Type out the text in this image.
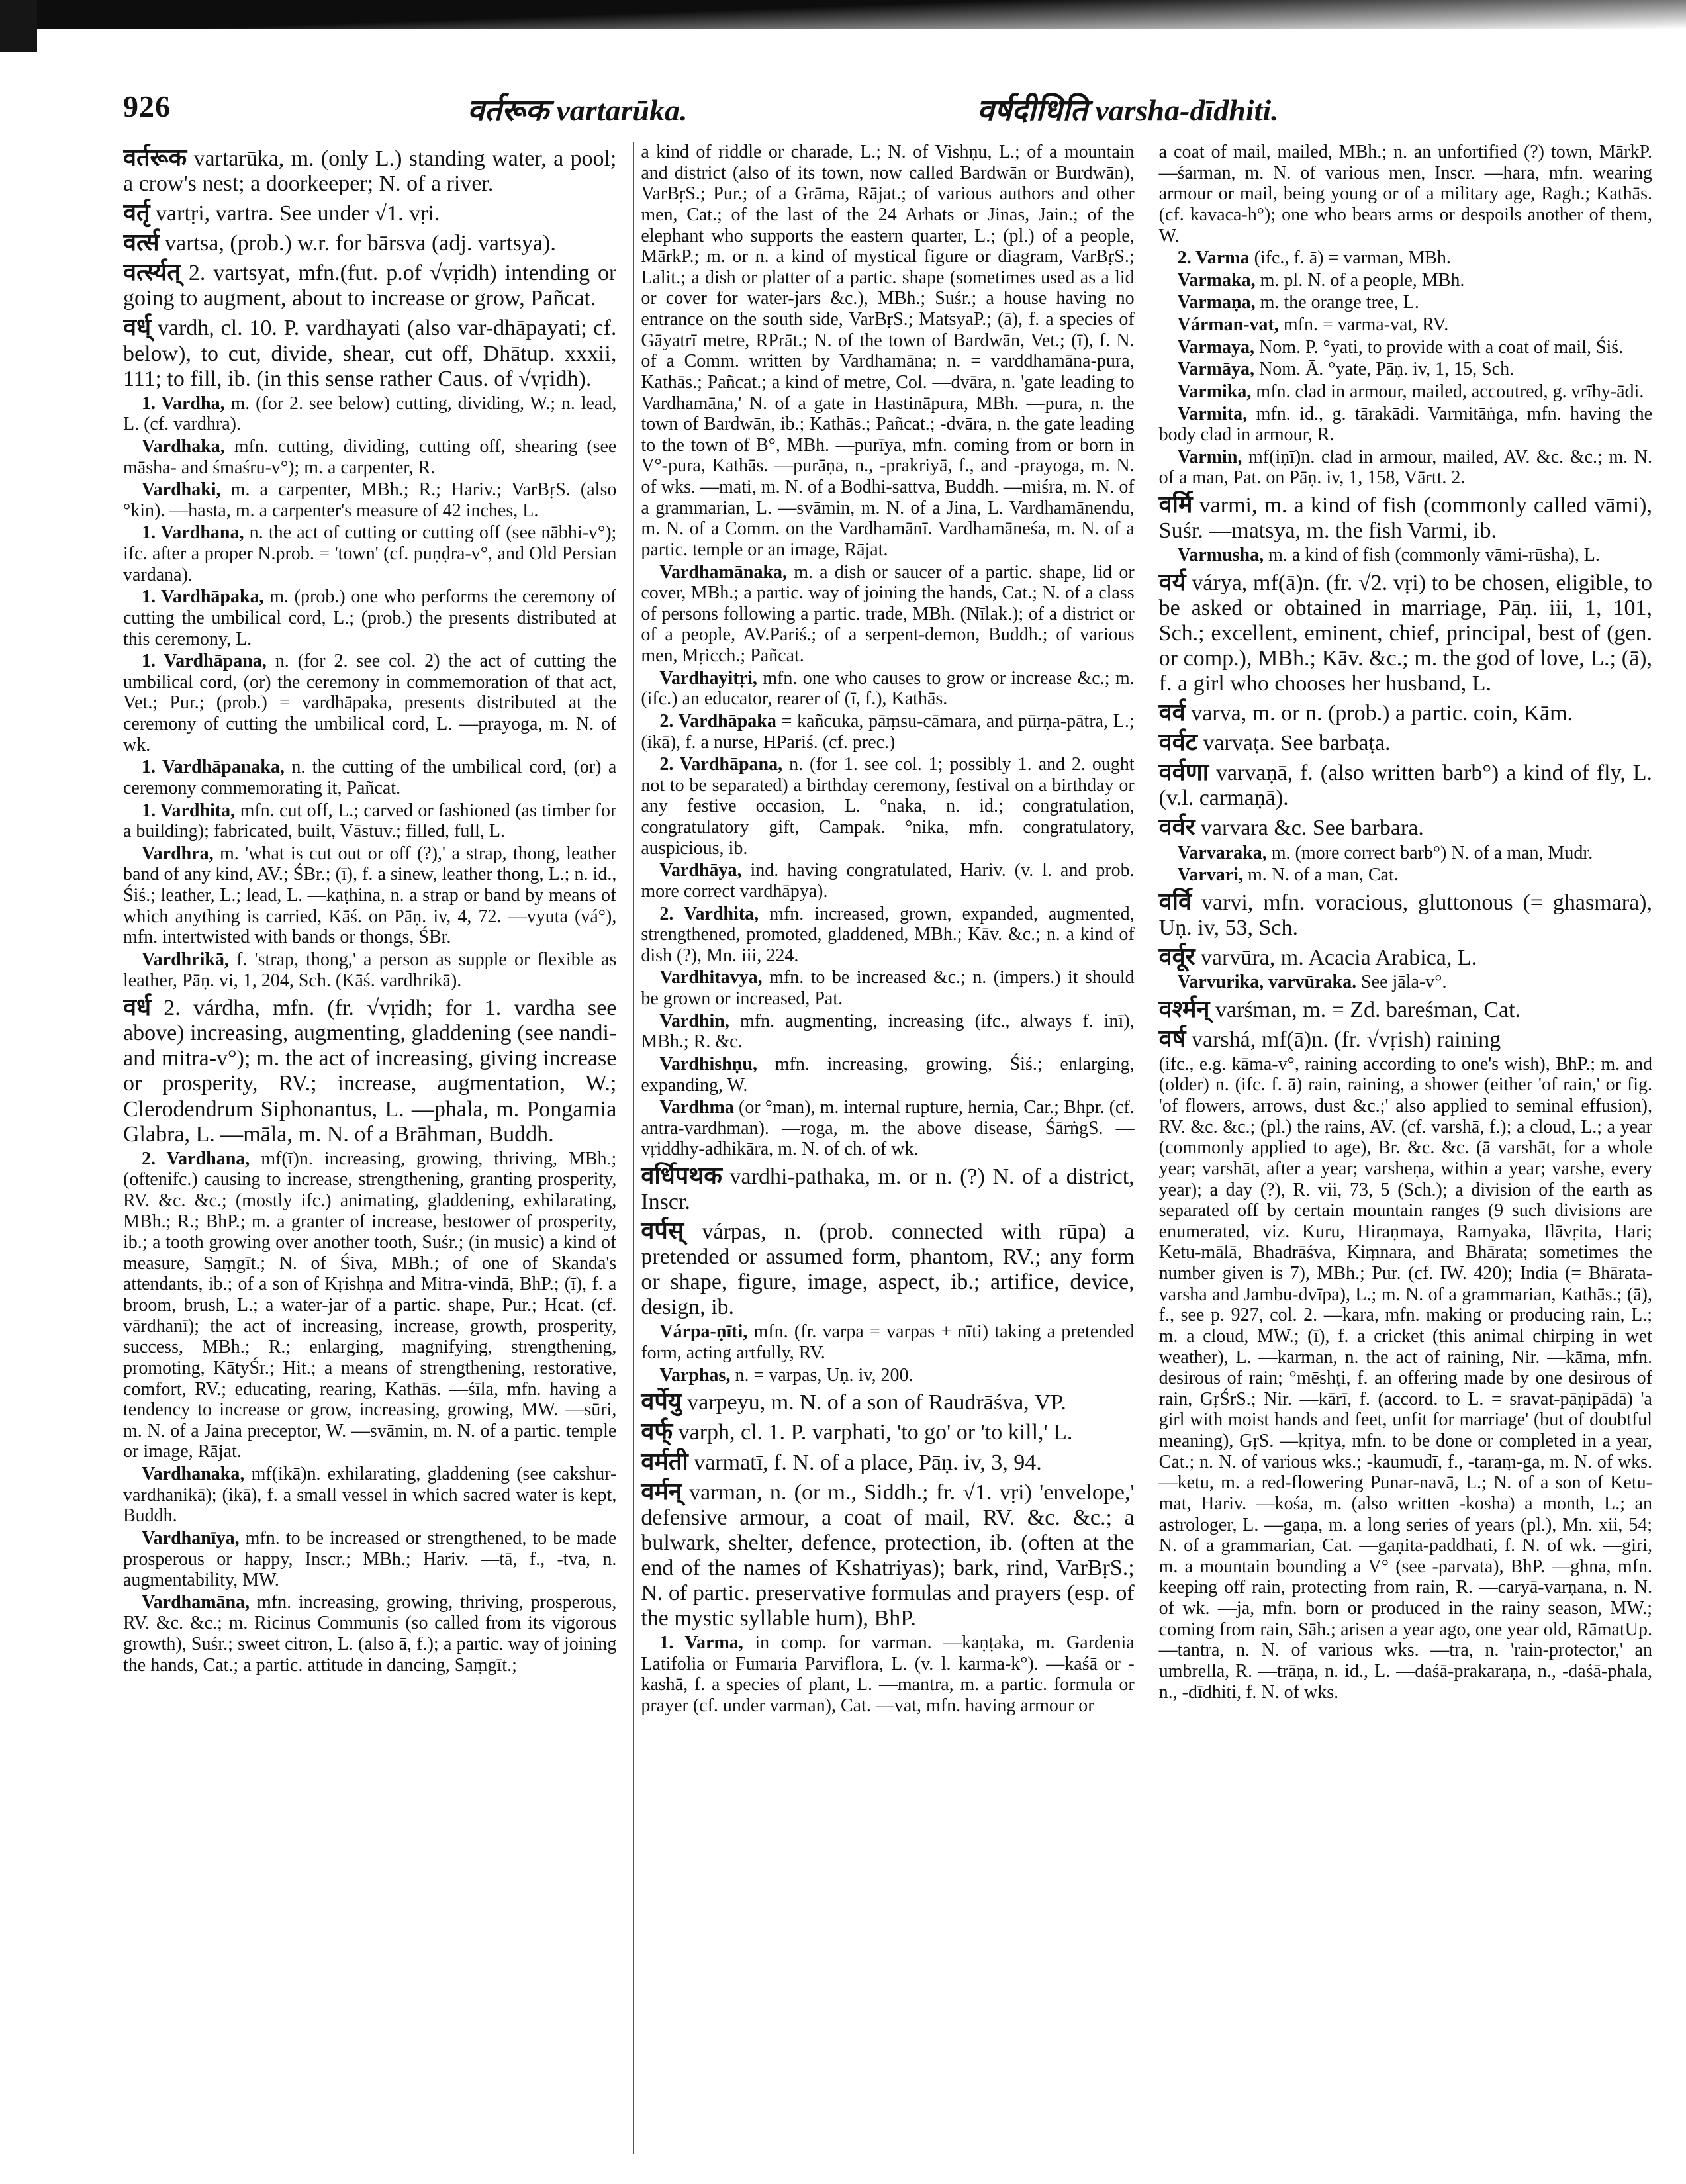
926	वर्तरूक vartarūka.	वर्षदीधिति varsha-dīdhiti.

वर्तरूक vartarūka, m. (only L.) standing water, a pool; a crow's nest; a doorkeeper; N. of a river.

वर्तृ vartṛi, vartra. See under √1. vṛi.

वर्त्स vartsa, (prob.) w.r. for bārsva (adj. vartsya).

वर्त्स्यत् 2. vartsyat, mfn.(fut. p.of √vṛidh) intending or going to augment, about to increase or grow, Pañcat.

वर्ध् vardh, cl. 10. P. vardhayati (also var-dhāpayati; cf. below), to cut, divide, shear, cut off, Dhātup. xxxii, 111; to fill, ib. (in this sense rather Caus. of √vṛidh).

1. Vardha, m. (for 2. see below) cutting, dividing, W.; n. lead, L. (cf. vardhra).

Vardhaka, mfn. cutting, dividing, cutting off, shearing (see māsha- and śmaśru-v°); m. a carpenter, R.

Vardhaki, m. a carpenter, MBh.; R.; Hariv.; VarBṛS. (also °kin). —hasta, m. a carpenter's measure of 42 inches, L.

1. Vardhana, n. the act of cutting or cutting off (see nābhi-v°); ifc. after a proper N.prob. = 'town' (cf. puṇḍra-v°, and Old Persian vardana).

1. Vardhāpaka, m. (prob.) one who performs the ceremony of cutting the umbilical cord, L.; (prob.) the presents distributed at this ceremony, L.

1. Vardhāpana, n. (for 2. see col. 2) the act of cutting the umbilical cord, (or) the ceremony in commemoration of that act, Vet.; Pur.; (prob.) = vardhāpaka, presents distributed at the ceremony of cutting the umbilical cord, L. —prayoga, m. N. of wk.

1. Vardhāpanaka, n. the cutting of the umbilical cord, (or) a ceremony commemorating it, Pañcat.

1. Vardhita, mfn. cut off, L.; carved or fashioned (as timber for a building); fabricated, built, Vāstuv.; filled, full, L.

Vardhra, m. 'what is cut out or off (?),' a strap, thong, leather band of any kind, AV.; ŚBr.; (ī), f. a sinew, leather thong, L.; n. id., Śiś.; leather, L.; lead, L. —kaṭhina, n. a strap or band by means of which anything is carried, Kāś. on Pāṇ. iv, 4, 72. —vyuta (vá°), mfn. intertwisted with bands or thongs, ŚBr.

Vardhrikā, f. 'strap, thong,' a person as supple or flexible as leather, Pāṇ. vi, 1, 204, Sch. (Kāś. vardhrikā).

वर्ध 2. várdha, mfn. (fr. √vṛidh; for 1. vardha see above) increasing, augmenting, gladdening (see nandi- and mitra-v°); m. the act of increasing, giving increase or prosperity, RV.; increase, augmentation, W.; Clerodendrum Siphonantus, L. —phala, m. Pongamia Glabra, L. —māla, m. N. of a Brāhman, Buddh.

2. Vardhana, mf(ī)n. increasing, growing, thriving, MBh.; (oftenifc.) causing to increase, strengthening, granting prosperity, RV. &c. &c.; (mostly ifc.) animating, gladdening, exhilarating, MBh.; R.; BhP.; m. a granter of increase, bestower of prosperity, ib.; a tooth growing over another tooth, Suśr.; (in music) a kind of measure, Saṃgīt.; N. of Śiva, MBh.; of one of Skanda's attendants, ib.; of a son of Kṛishṇa and Mitra-vindā, BhP.; (ī), f. a broom, brush, L.; a water-jar of a partic. shape, Pur.; Hcat. (cf. vārdhanī); the act of increasing, increase, growth, prosperity, success, MBh.; R.; enlarging, magnifying, strengthening, promoting, KātyŚr.; Hit.; a means of strengthening, restorative, comfort, RV.; educating, rearing, Kathās. —śīla, mfn. having a tendency to increase or grow, increasing, growing, MW. —sūri, m. N. of a Jaina preceptor, W. —svāmin, m. N. of a partic. temple or image, Rājat.

Vardhanaka, mf(ikā)n. exhilarating, gladdening (see cakshur-vardhanikā); (ikā), f. a small vessel in which sacred water is kept, Buddh.

Vardhanīya, mfn. to be increased or strengthened, to be made prosperous or happy, Inscr.; MBh.; Hariv. —tā, f., -tva, n. augmentability, MW.

Vardhamāna, mfn. increasing, growing, thriving, prosperous, RV. &c. &c.; m. Ricinus Communis (so called from its vigorous growth), Suśr.; sweet citron, L. (also ā, f.); a partic. way of joining the hands, Cat.; a partic. attitude in dancing, Saṃgīt.;

a kind of riddle or charade, L.; N. of Vishṇu, L.; of a mountain and district (also of its town, now called Bardwān or Burdwān), VarBṛS.; Pur.; of a Grāma, Rājat.; of various authors and other men, Cat.; of the last of the 24 Arhats or Jinas, Jain.; of the elephant who supports the eastern quarter, L.; (pl.) of a people, MārkP.; m. or n. a kind of mystical figure or diagram, VarBṛS.; Lalit.; a dish or platter of a partic. shape (sometimes used as a lid or cover for water-jars &c.), MBh.; Suśr.; a house having no entrance on the south side, VarBṛS.; MatsyaP.; (ā), f. a species of Gāyatrī metre, RPrāt.; N. of the town of Bardwān, Vet.; (ī), f. N. of a Comm. written by Vardhamāna; n. = varddhamāna-pura, Kathās.; Pañcat.; a kind of metre, Col. —dvāra, n. 'gate leading to Vardhamāna,' N. of a gate in Hastināpura, MBh. —pura, n. the town of Bardwān, ib.; Kathās.; Pañcat.; -dvāra, n. the gate leading to the town of B°, MBh. —purīya, mfn. coming from or born in V°-pura, Kathās. —purāṇa, n., -prakriyā, f., and -prayoga, m. N. of wks. —mati, m. N. of a Bodhi-sattva, Buddh. —miśra, m. N. of a grammarian, L. —svāmin, m. N. of a Jina, L. Vardhamānendu, m. N. of a Comm. on the Vardhamānī. Vardhamāneśa, m. N. of a partic. temple or an image, Rājat.

Vardhamānaka, m. a dish or saucer of a partic. shape, lid or cover, MBh.; a partic. way of joining the hands, Cat.; N. of a class of persons following a partic. trade, MBh. (Nīlak.); of a district or of a people, AV.Pariś.; of a serpent-demon, Buddh.; of various men, Mṛicch.; Pañcat.

Vardhayitṛi, mfn. one who causes to grow or increase &c.; m. (ifc.) an educator, rearer of (ī, f.), Kathās.

2. Vardhāpaka = kañcuka, pāṃsu-cāmara, and pūrṇa-pātra, L.; (ikā), f. a nurse, HPariś. (cf. prec.)

2. Vardhāpana, n. (for 1. see col. 1; possibly 1. and 2. ought not to be separated) a birthday ceremony, festival on a birthday or any festive occasion, L. °naka, n. id.; congratulation, congratulatory gift, Campak. °nika, mfn. congratulatory, auspicious, ib.

Vardhāya, ind. having congratulated, Hariv. (v. l. and prob. more correct vardhāpya).

2. Vardhita, mfn. increased, grown, expanded, augmented, strengthened, promoted, gladdened, MBh.; Kāv. &c.; n. a kind of dish (?), Mn. iii, 224.

Vardhitavya, mfn. to be increased &c.; n. (impers.) it should be grown or increased, Pat.

Vardhin, mfn. augmenting, increasing (ifc., always f. inī), MBh.; R. &c.

Vardhishṇu, mfn. increasing, growing, Śiś.; enlarging, expanding, W.

Vardhma (or °man), m. internal rupture, hernia, Car.; Bhpr. (cf. antra-vardhman). —roga, m. the above disease, ŚārṅgS. —vṛiddhy-adhikāra, m. N. of ch. of wk.

वर्धिपथक vardhi-pathaka, m. or n. (?) N. of a district, Inscr.

वर्पस् várpas, n. (prob. connected with rūpa) a pretended or assumed form, phantom, RV.; any form or shape, figure, image, aspect, ib.; artifice, device, design, ib.

Várpa-ṇīti, mfn. (fr. varpa = varpas + nīti) taking a pretended form, acting artfully, RV.

Varphas, n. = varpas, Uṇ. iv, 200.

वर्पेयु varpeyu, m. N. of a son of Raudrāśva, VP.

वर्फ् varph, cl. 1. P. varphati, 'to go' or 'to kill,' L.

वर्मती varmatī, f. N. of a place, Pāṇ. iv, 3, 94.

वर्मन् varman, n. (or m., Siddh.; fr. √1. vṛi) 'envelope,' defensive armour, a coat of mail, RV. &c. &c.; a bulwark, shelter, defence, protection, ib. (often at the end of the names of Kshatriyas); bark, rind, VarBṛS.; N. of partic. preservative formulas and prayers (esp. of the mystic syllable hum), BhP.

1. Varma, in comp. for varman. —kaṇṭaka, m. Gardenia Latifolia or Fumaria Parviflora, L. (v. l. karma-k°). —kaśā or -kashā, f. a species of plant, L. —mantra, m. a partic. formula or prayer (cf. under varman), Cat. —vat, mfn. having armour or

a coat of mail, mailed, MBh.; n. an unfortified (?) town, MārkP. —śarman, m. N. of various men, Inscr. —hara, mfn. wearing armour or mail, being young or of a military age, Ragh.; Kathās. (cf. kavaca-h°); one who bears arms or despoils another of them, W.

2. Varma (ifc., f. ā) = varman, MBh.

Varmaka, m. pl. N. of a people, MBh.

Varmaṇa, m. the orange tree, L.

Várman-vat, mfn. = varma-vat, RV.

Varmaya, Nom. P. °yati, to provide with a coat of mail, Śiś.

Varmāya, Nom. Ā. °yate, Pāṇ. iv, 1, 15, Sch.

Varmika, mfn. clad in armour, mailed, accoutred, g. vrīhy-ādi.

Varmita, mfn. id., g. tārakādi. Varmitāṅga, mfn. having the body clad in armour, R.

Varmin, mf(iṇī)n. clad in armour, mailed, AV. &c. &c.; m. N. of a man, Pat. on Pāṇ. iv, 1, 158, Vārtt. 2.

वर्मि varmi, m. a kind of fish (commonly called vāmi), Suśr. —matsya, m. the fish Varmi, ib.

Varmusha, m. a kind of fish (commonly vāmi-rūsha), L.

वर्य várya, mf(ā)n. (fr. √2. vṛi) to be chosen, eligible, to be asked or obtained in marriage, Pāṇ. iii, 1, 101, Sch.; excellent, eminent, chief, principal, best of (gen. or comp.), MBh.; Kāv. &c.; m. the god of love, L.; (ā), f. a girl who chooses her husband, L.

वर्व varva, m. or n. (prob.) a partic. coin, Kām.

वर्वट varvaṭa. See barbaṭa.

वर्वणा varvaṇā, f. (also written barb°) a kind of fly, L. (v.l. carmaṇā).

वर्वर varvara &c. See barbara.

Varvaraka, m. (more correct barb°) N. of a man, Mudr.

Varvari, m. N. of a man, Cat.

वर्वि varvi, mfn. voracious, gluttonous (= ghasmara), Uṇ. iv, 53, Sch.

वर्वूर varvūra, m. Acacia Arabica, L.

Varvurika, varvūraka. See jāla-v°.

वर्श्मन् varśman, m. = Zd. bareśman, Cat.

वर्ष varshá, mf(ā)n. (fr. √vṛish) raining

(ifc., e.g. kāma-v°, raining according to one's wish), BhP.; m. and (older) n. (ifc. f. ā) rain, raining, a shower (either 'of rain,' or fig. 'of flowers, arrows, dust &c.;' also applied to seminal effusion), RV. &c. &c.; (pl.) the rains, AV. (cf. varshā, f.); a cloud, L.; a year (commonly applied to age), Br. &c. &c. (ā varshāt, for a whole year; varshāt, after a year; varsheṇa, within a year; varshe, every year); a day (?), R. vii, 73, 5 (Sch.); a division of the earth as separated off by certain mountain ranges (9 such divisions are enumerated, viz. Kuru, Hiraṇmaya, Ramyaka, Ilāvṛita, Hari; Ketu-mālā, Bhadrāśva, Kiṃnara, and Bhārata; sometimes the number given is 7), MBh.; Pur. (cf. IW. 420); India (= Bhārata-varsha and Jambu-dvīpa), L.; m. N. of a grammarian, Kathās.; (ā), f., see p. 927, col. 2. —kara, mfn. making or producing rain, L.; m. a cloud, MW.; (ī), f. a cricket (this animal chirping in wet weather), L. —karman, n. the act of raining, Nir. —kāma, mfn. desirous of rain; °mēshṭi, f. an offering made by one desirous of rain, GṛŚrS.; Nir. —kārī, f. (accord. to L. = sravat-pāṇipādā) 'a girl with moist hands and feet, unfit for marriage' (but of doubtful meaning), GṛS. —kṛitya, mfn. to be done or completed in a year, Cat.; n. N. of various wks.; -kaumudī, f., -taraṃ-ga, m. N. of wks. —ketu, m. a red-flowering Punar-navā, L.; N. of a son of Ketu-mat, Hariv. —kośa, m. (also written -kosha) a month, L.; an astrologer, L. —gaṇa, m. a long series of years (pl.), Mn. xii, 54; N. of a grammarian, Cat. —gaṇita-paddhati, f. N. of wk. —giri, m. a mountain bounding a V° (see -parvata), BhP. —ghna, mfn. keeping off rain, protecting from rain, R. —caryā-varṇana, n. N. of wk. —ja, mfn. born or produced in the rainy season, MW.; coming from rain, Sāh.; arisen a year ago, one year old, RāmatUp. —tantra, n. N. of various wks. —tra, n. 'rain-protector,' an umbrella, R. —trāṇa, n. id., L. —daśā-prakaraṇa, n., -daśā-phala, n., -dīdhiti, f. N. of wks.
